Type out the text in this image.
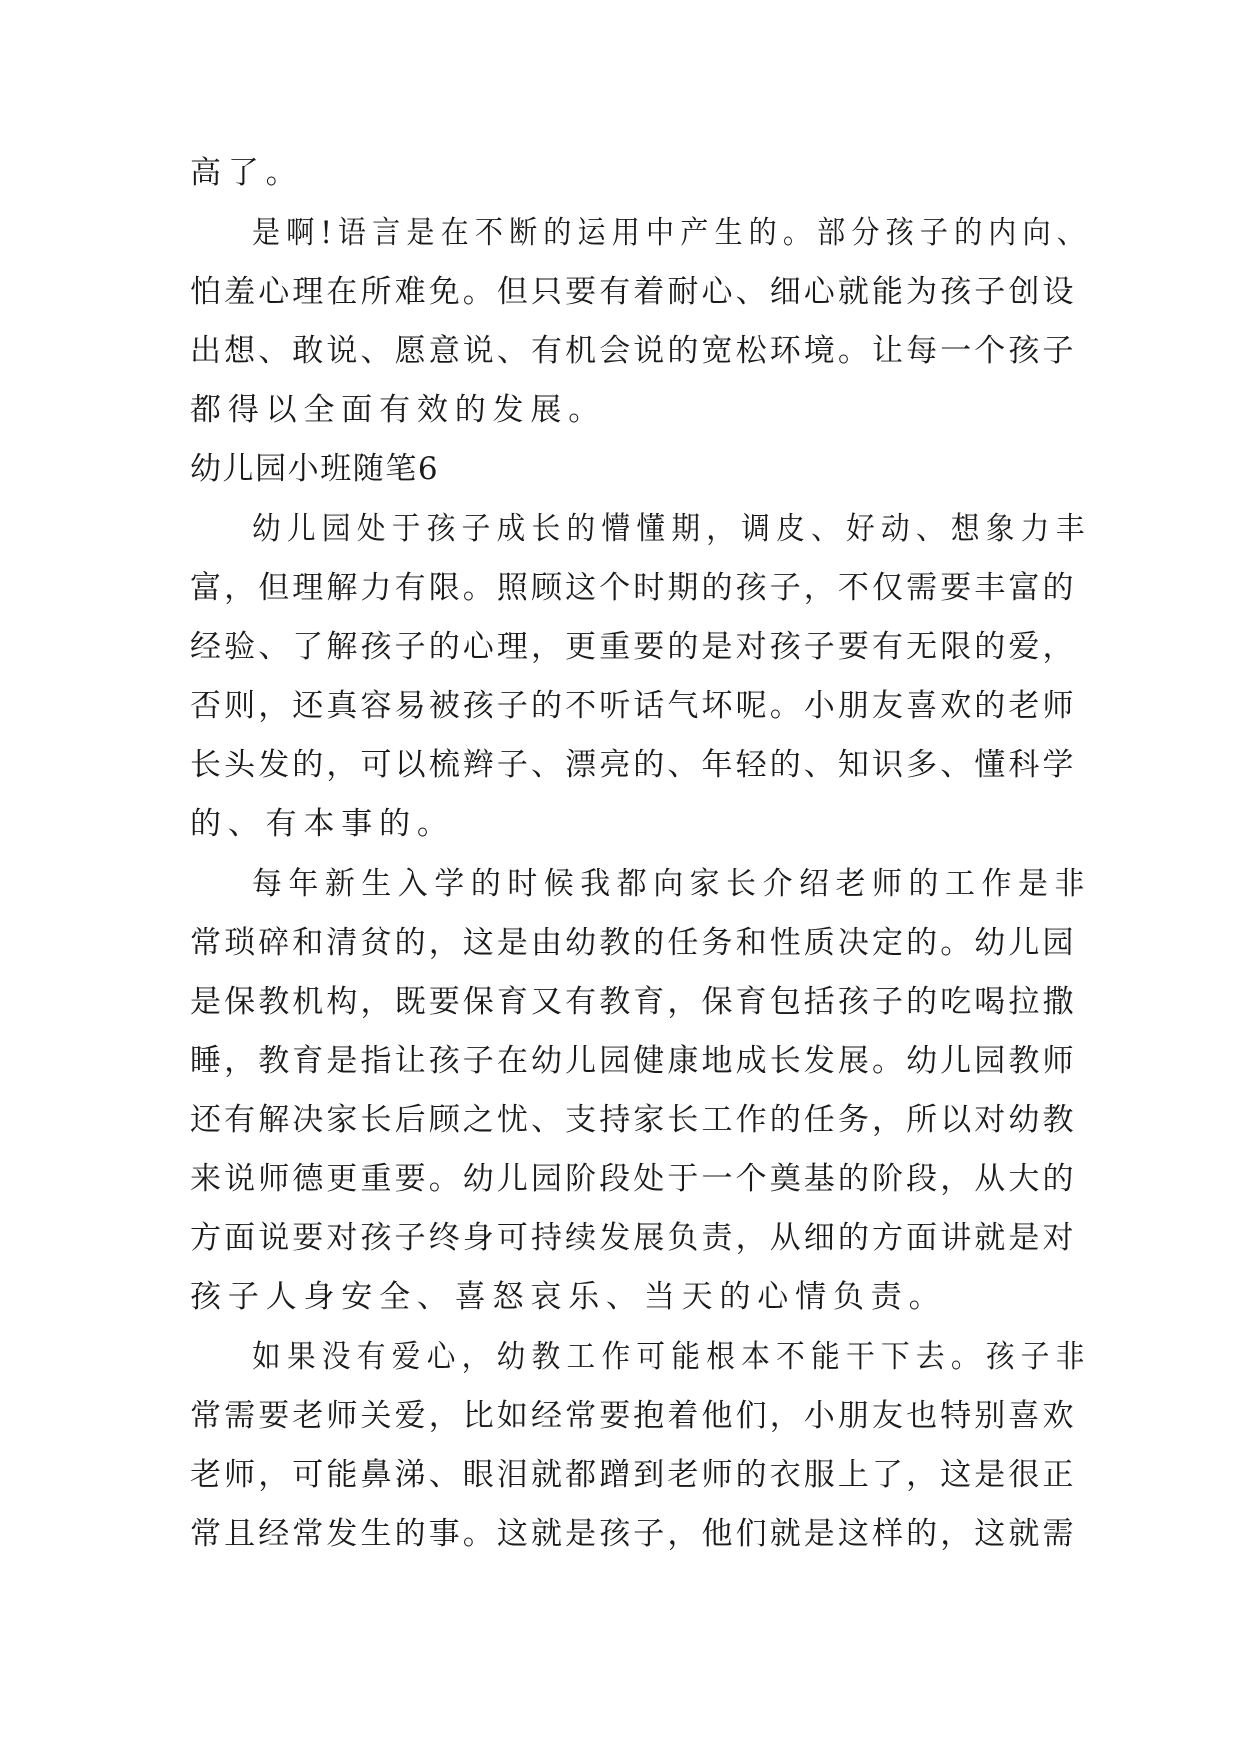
高了。

是啊!语言是在不断的运用中产生的。部分孩子的内向、

怕羞心理在所难免。但只要有着耐心、细心就能为孩子创设

出想、敢说、愿意说、有机会说的宽松环境。让每一个孩子

都得以全面有效的发展。

幼儿园小班随笔6

幼儿园处于孩子成长的懵懂期，调皮、好动、想象力丰

富，但理解力有限。照顾这个时期的孩子，不仅需要丰富的

经验、了解孩子的心理，更重要的是对孩子要有无限的爱，

否则，还真容易被孩子的不听话气坏呢。小朋友喜欢的老师

长头发的，可以梳辫子、漂亮的、年轻的、知识多、懂科学

的、有本事的。

每年新生入学的时候我都向家长介绍老师的工作是非

常琐碎和清贫的，这是由幼教的任务和性质决定的。幼儿园

是保教机构，既要保育又有教育，保育包括孩子的吃喝拉撒

睡，教育是指让孩子在幼儿园健康地成长发展。幼儿园教师

还有解决家长后顾之忧、支持家长工作的任务，所以对幼教

来说师德更重要。幼儿园阶段处于一个奠基的阶段，从大的

方面说要对孩子终身可持续发展负责，从细的方面讲就是对

孩子人身安全、喜怒哀乐、当天的心情负责。

如果没有爱心，幼教工作可能根本不能干下去。孩子非

常需要老师关爱，比如经常要抱着他们，小朋友也特别喜欢

老师，可能鼻涕、眼泪就都蹭到老师的衣服上了，这是很正

常且经常发生的事。这就是孩子，他们就是这样的，这就需
